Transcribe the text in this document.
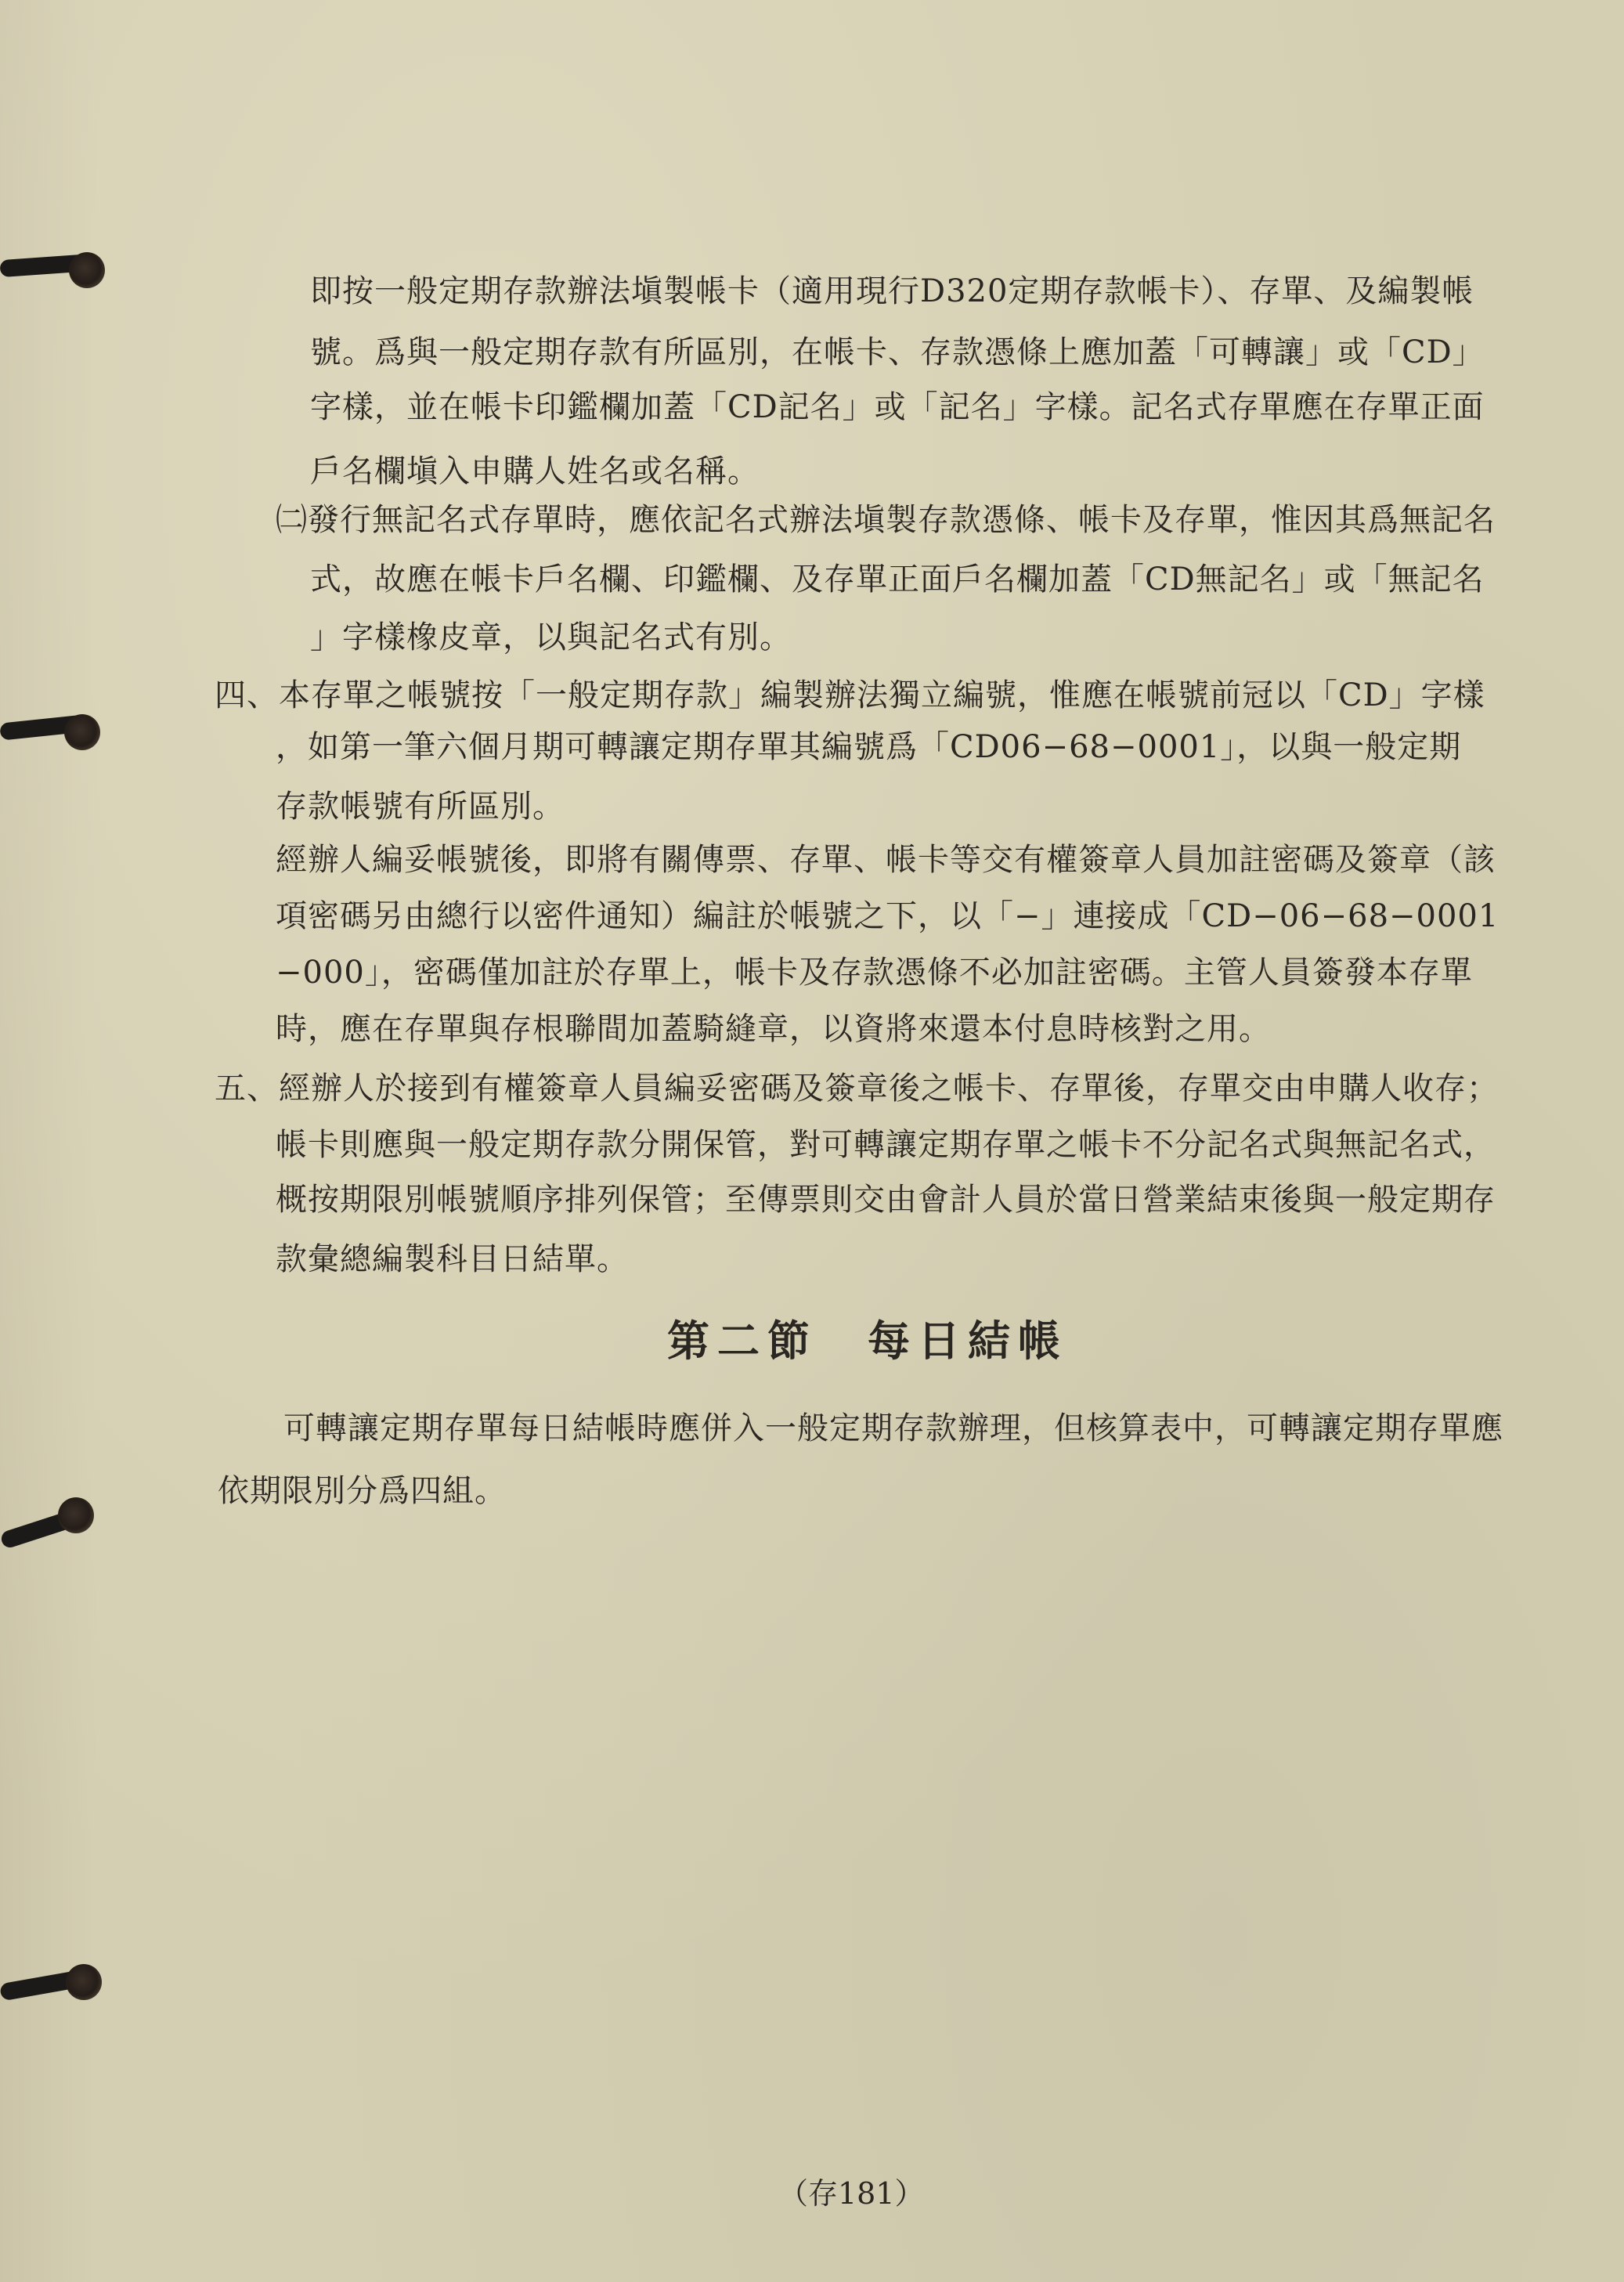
即按一般定期存款辦法塡製帳卡（適用現行D320定期存款帳卡）、存單、及編製帳
號。爲與一般定期存款有所區別，在帳卡、存款憑條上應加蓋「可轉讓」或「CD」
字樣，並在帳卡印鑑欄加蓋「CD記名」或「記名」字樣。記名式存單應在存單正面
戶名欄塡入申購人姓名或名稱。
㈡發行無記名式存單時，應依記名式辦法塡製存款憑條、帳卡及存單，惟因其爲無記名
式，故應在帳卡戶名欄、印鑑欄、及存單正面戶名欄加蓋「CD無記名」或「無記名
」字樣橡皮章，以與記名式有別。
四、本存單之帳號按「一般定期存款」編製辦法獨立編號，惟應在帳號前冠以「CD」字樣
，如第一筆六個月期可轉讓定期存單其編號爲「CD06−68−0001」，以與一般定期
存款帳號有所區別。
經辦人編妥帳號後，即將有關傳票、存單、帳卡等交有權簽章人員加註密碼及簽章（該
項密碼另由總行以密件通知）編註於帳號之下，以「−」連接成「CD−06−68−0001
−000」，密碼僅加註於存單上，帳卡及存款憑條不必加註密碼。主管人員簽發本存單
時，應在存單與存根聯間加蓋騎縫章，以資將來還本付息時核對之用。
五、經辦人於接到有權簽章人員編妥密碼及簽章後之帳卡、存單後，存單交由申購人收存；
帳卡則應與一般定期存款分開保管，對可轉讓定期存單之帳卡不分記名式與無記名式，
概按期限別帳號順序排列保管；至傳票則交由會計人員於當日營業結束後與一般定期存
款彙總編製科目日結單。
第二節　每日結帳
可轉讓定期存單每日結帳時應併入一般定期存款辦理，但核算表中，可轉讓定期存單應
依期限別分爲四組。
（存181）
